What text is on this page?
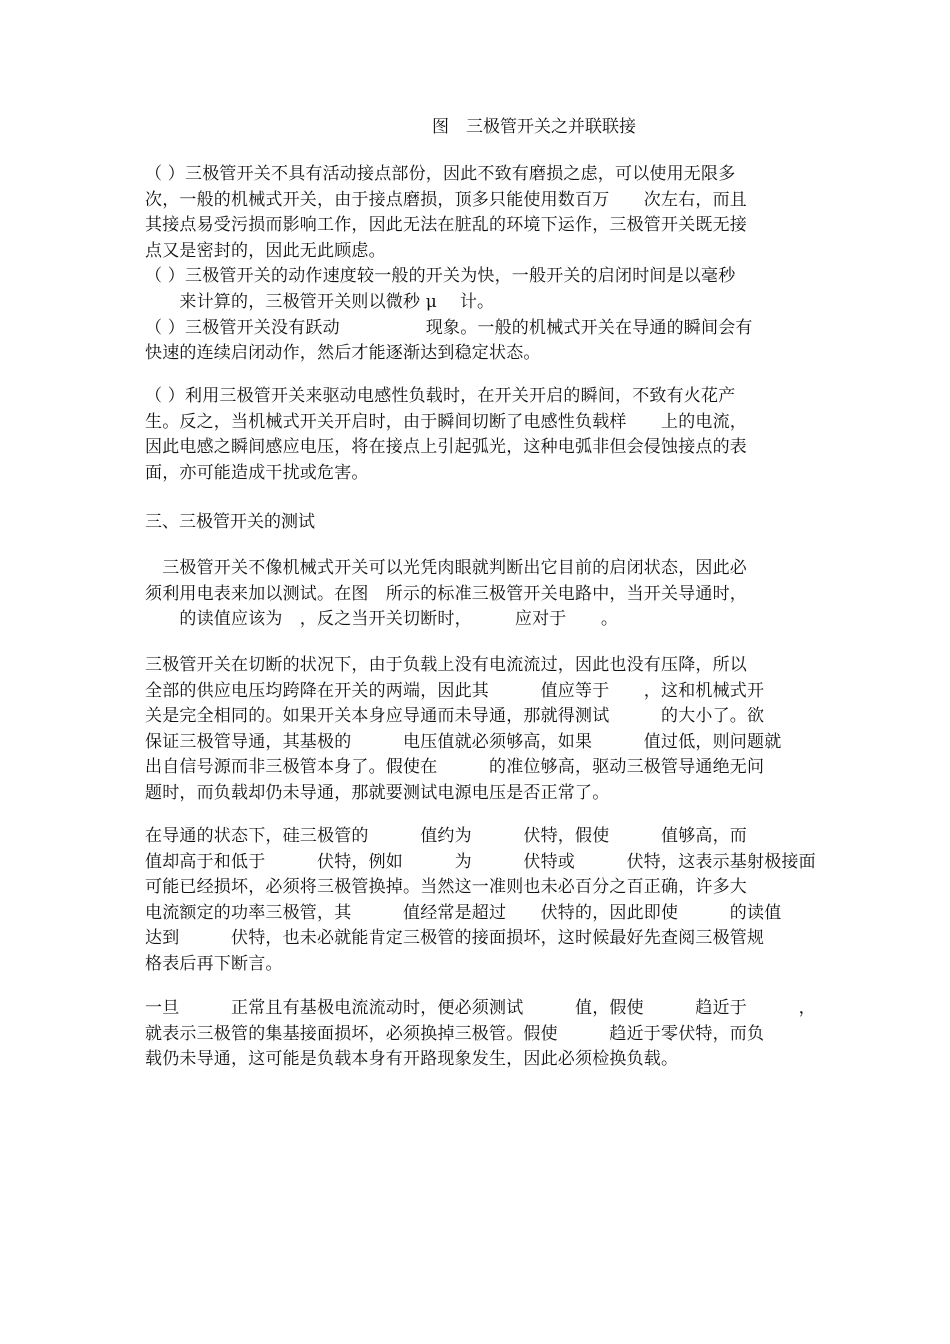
图　三极管开关之并联联接
（ ）三极管开关不具有活动接点部份，因此不致有磨损之虑，可以使用无限多
次，一般的机械式开关，由于接点磨损，顶多只能使用数百万　　次左右，而且
其接点易受污损而影响工作，因此无法在脏乱的环境下运作，三极管开关既无接
点又是密封的，因此无此顾虑。
（ ）三极管开关的动作速度较一般的开关为快，一般开关的启闭时间是以毫秒
　　来计算的，三极管开关则以微秒 μ 　计。
（ ）三极管开关没有跃动　　　　　现象。一般的机械式开关在导通的瞬间会有
快速的连续启闭动作，然后才能逐渐达到稳定状态。
（ ）利用三极管开关来驱动电感性负载时，在开关开启的瞬间，不致有火花产
生。反之，当机械式开关开启时，由于瞬间切断了电感性负载样　　上的电流，
因此电感之瞬间感应电压，将在接点上引起弧光，这种电弧非但会侵蚀接点的表
面，亦可能造成干扰或危害。
三、三极管开关的测试
　三极管开关不像机械式开关可以光凭肉眼就判断出它目前的启闭状态，因此必
须利用电表来加以测试。在图　所示的标准三极管开关电路中，当开关导通时，
　　的读值应该为　，反之当开关切断时，　　　应对于　　。
三极管开关在切断的状况下，由于负载上没有电流流过，因此也没有压降，所以
全部的供应电压均跨降在开关的两端，因此其　　　值应等于　　，这和机械式开
关是完全相同的。如果开关本身应导通而未导通，那就得测试　　　的大小了。欲
保证三极管导通，其基极的　　　电压值就必须够高，如果　　　值过低，则问题就
出自信号源而非三极管本身了。假使在　　　的准位够高，驱动三极管导通绝无问
题时，而负载却仍未导通，那就要测试电源电压是否正常了。
在导通的状态下，硅三极管的　　　值约为　　　伏特，假使　　　值够高，而
值却高于和低于　　　伏特，例如　　　为　　　伏特或　　　伏特，这表示基射极接面
可能已经损坏，必须将三极管换掉。当然这一准则也未必百分之百正确，许多大
电流额定的功率三极管，其　　　值经常是超过　　伏特的，因此即使　　　的读值
达到　　　伏特，也未必就能肯定三极管的接面损坏，这时候最好先查阅三极管规
格表后再下断言。
一旦　　　正常且有基极电流流动时，便必须测试　　　值，假使　　　趋近于　　　，
就表示三极管的集基接面损坏，必须换掉三极管。假使　　　趋近于零伏特，而负
载仍未导通，这可能是负载本身有开路现象发生，因此必须检换负载。
